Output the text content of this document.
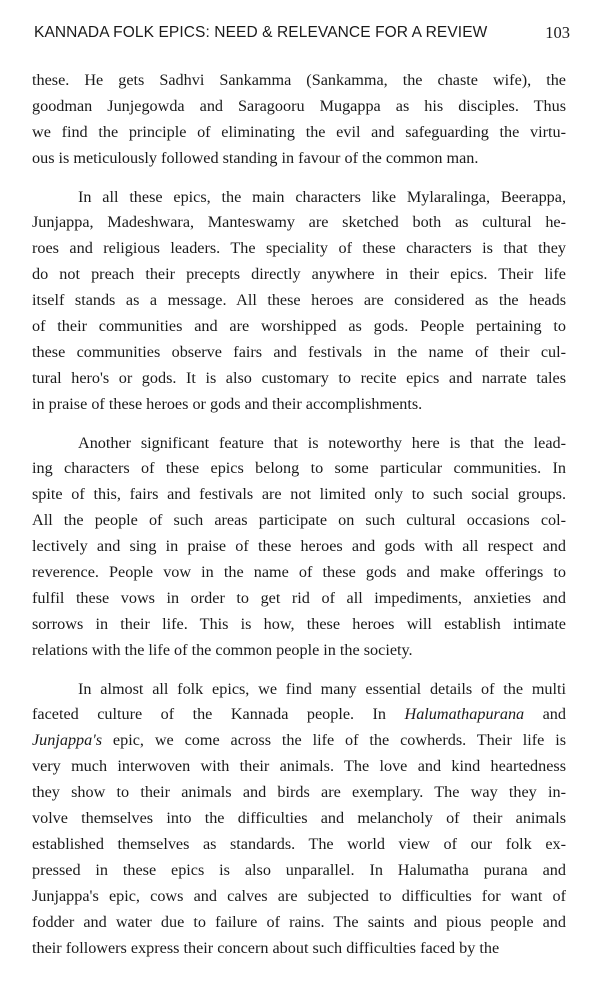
KANNADA FOLK EPICS: NEED & RELEVANCE FOR A REVIEW	103
these. He gets Sadhvi Sankamma (Sankamma, the chaste wife), the
goodman Junjegowda and Saragooru Mugappa as his disciples. Thus
we find the principle of eliminating the evil and safeguarding the virtu-
ous is meticulously followed standing in favour of the common man.
In all these epics, the main characters like Mylaralinga, Beerappa,
Junjappa, Madeshwara, Manteswamy are sketched both as cultural he-
roes and religious leaders. The speciality of these characters is that they
do not preach their precepts directly anywhere in their epics. Their life
itself stands as a message. All these heroes are considered as the heads
of their communities and are worshipped as gods. People pertaining to
these communities observe fairs and festivals in the name of their cul-
tural hero's or gods. It is also customary to recite epics and narrate tales
in praise of these heroes or gods and their accomplishments.
Another significant feature that is noteworthy here is that the lead-
ing characters of these epics belong to some particular communities. In
spite of this, fairs and festivals are not limited only to such social groups.
All the people of such areas participate on such cultural occasions col-
lectively and sing in praise of these heroes and gods with all respect and
reverence. People vow in the name of these gods and make offerings to
fulfil these vows in order to get rid of all impediments, anxieties and
sorrows in their life. This is how, these heroes will establish intimate
relations with the life of the common people in the society.
In almost all folk epics, we find many essential details of the multi
faceted culture of the Kannada people. In Halumathapurana and
Junjappa's epic, we come across the life of the cowherds. Their life is
very much interwoven with their animals. The love and kind heartedness
they show to their animals and birds are exemplary. The way they in-
volve themselves into the difficulties and melancholy of their animals
established themselves as standards. The world view of our folk ex-
pressed in these epics is also unparallel. In Halumatha purana and
Junjappa's epic, cows and calves are subjected to difficulties for want of
fodder and water due to failure of rains. The saints and pious people and
their followers express their concern about such difficulties faced by the
